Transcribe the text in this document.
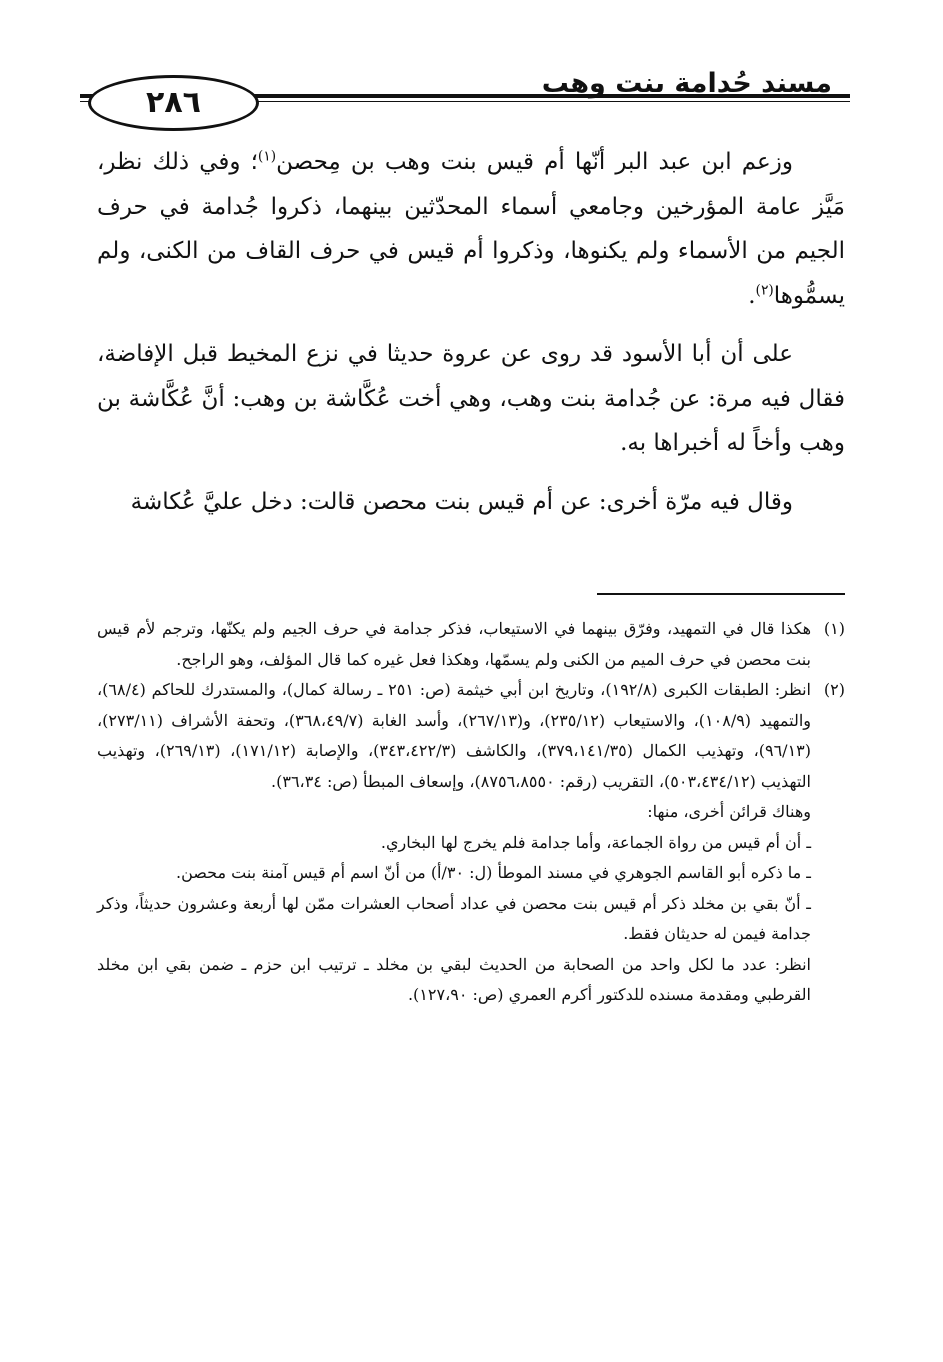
مسند جُدامة بنت وهب
٢٨٦

وزعم ابن عبد البر أنّها أم قيس بنت وهب بن مِحصن$^{(١)}$؛ وفي ذلك نظر، مَيَّز عامة المؤرخين وجامعي أسماء المحدّثين بينهما، ذكروا جُدامة في حرف الجيم من الأسماء ولم يكنوها، وذكروا أم قيس في حرف القاف من الكنى، ولم يسمُّوها$^{(٢)}$.

على أن أبا الأسود قد روى عن عروة حديثا في نزع المخيط قبل الإفاضة، فقال فيه مرة: عن جُدامة بنت وهب، وهي أخت عُكَّاشة بن وهب: أنَّ عُكَّاشة بن وهب وأخاً له أخبراها به.

وقال فيه مرّة أخرى: عن أم قيس بنت محصن قالت: دخل عليَّ عُكاشة

(١)

هكذا قال في التمهيد، وفرّق بينهما في الاستيعاب، فذكر جدامة في حرف الجيم ولم يكنّها، وترجم لأم قيس بنت محصن في حرف الميم من الكنى ولم يسمّها، وهكذا فعل غيره كما قال المؤلف، وهو الراجح.

(٢)

انظر: الطبقات الكبرى (١٩٢/٨)، وتاريخ ابن أبي خيثمة (ص: ٢٥١ ـ رسالة كمال)، والمستدرك للحاكم (٦٨/٤)، والتمهيد (١٠٨/٩)، والاستيعاب (٢٣٥/١٢)، و(٢٦٧/١٣)، وأسد الغابة (٣٦٨،٤٩/٧)، وتحفة الأشراف (٢٧٣/١١)، (٩٦/١٣)، وتهذيب الكمال (٣٧٩،١٤١/٣٥)، والكاشف (٣٤٣،٤٢٢/٣)، والإصابة (١٧١/١٢)، (٢٦٩/١٣)، وتهذيب التهذيب (٥٠٣،٤٣٤/١٢)، التقريب (رقم: ٨٧٥٦،٨٥٥٠)، وإسعاف المبطأ (ص: ٣٦،٣٤).

وهناك قرائن أخرى، منها:

ـ أن أم قيس من رواة الجماعة، وأما جدامة فلم يخرج لها البخاري.

ـ ما ذكره أبو القاسم الجوهري في مسند الموطأ (ل: ٣٠/أ) من أنّ اسم أم قيس آمنة بنت محصن.

ـ أنّ بقي بن مخلد ذكر أم قيس بنت محصن في عداد أصحاب العشرات ممّن لها أربعة وعشرون حديثاً، وذكر جدامة فيمن له حديثان فقط.

انظر: عدد ما لكل واحد من الصحابة من الحديث لبقي بن مخلد ـ ترتيب ابن حزم ـ ضمن بقي ابن مخلد القرطبي ومقدمة مسنده للدكتور أكرم العمري (ص: ١٢٧،٩٠).
